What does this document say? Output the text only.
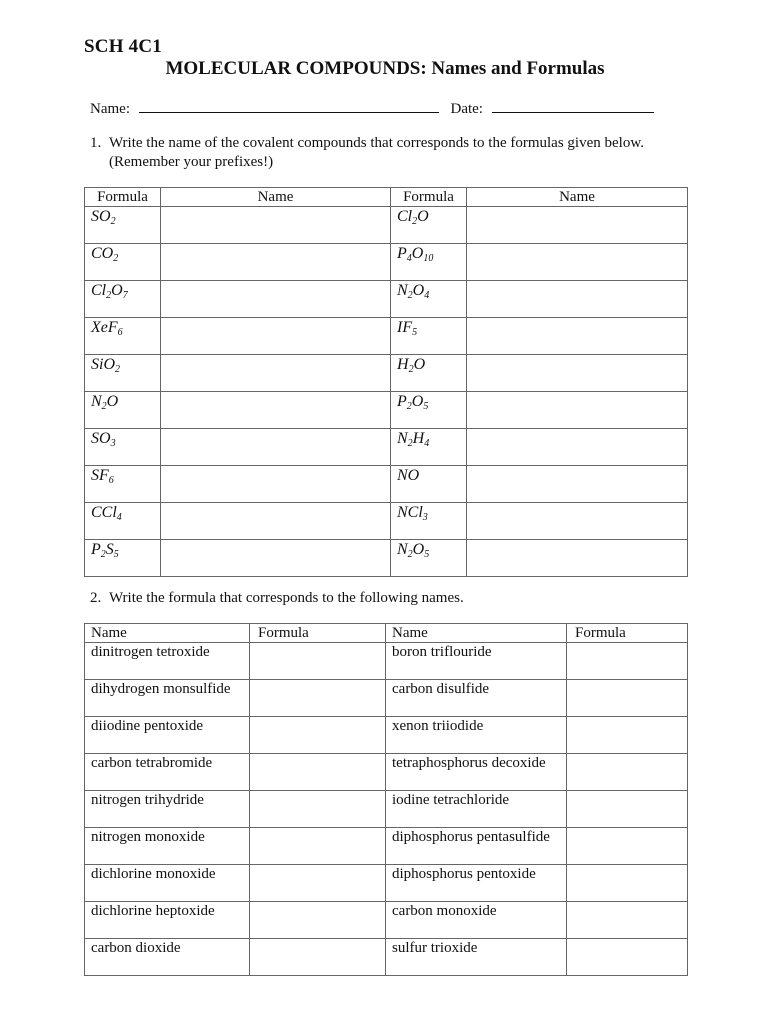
SCH 4C1
MOLECULAR COMPOUNDS: Names and Formulas
Name:	Date:
1. Write the name of the covalent compounds that corresponds to the formulas given below.
(Remember your prefixes!)
Formula	Name	Formula	Name
$SO_2$		$Cl_2O$	
$CO_2$		$P_4O_{10}$	
$Cl_2O_7$		$N_2O_4$	
XeF$_6$		$IF_5$	
SiO$_2$		$H_2O$	
$N_2O$		$P_2O_5$	
$SO_3$		$N_2H_4$	
$SF_6$		NO	
CCl$_4$		NCl$_3$	
$P_2S_5$		$N_2O_5$	
2. Write the formula that corresponds to the following names.
Name	Formula	Name	Formula
dinitrogen tetroxide		boron triflouride	
dihydrogen monsulfide		carbon disulfide	
diiodine pentoxide		xenon triiodide	
carbon tetrabromide		tetraphosphorus decoxide	
nitrogen trihydride		iodine tetrachloride	
nitrogen monoxide		diphosphorus pentasulfide	
dichlorine monoxide		diphosphorus pentoxide	
dichlorine heptoxide		carbon monoxide	
carbon dioxide		sulfur trioxide	
